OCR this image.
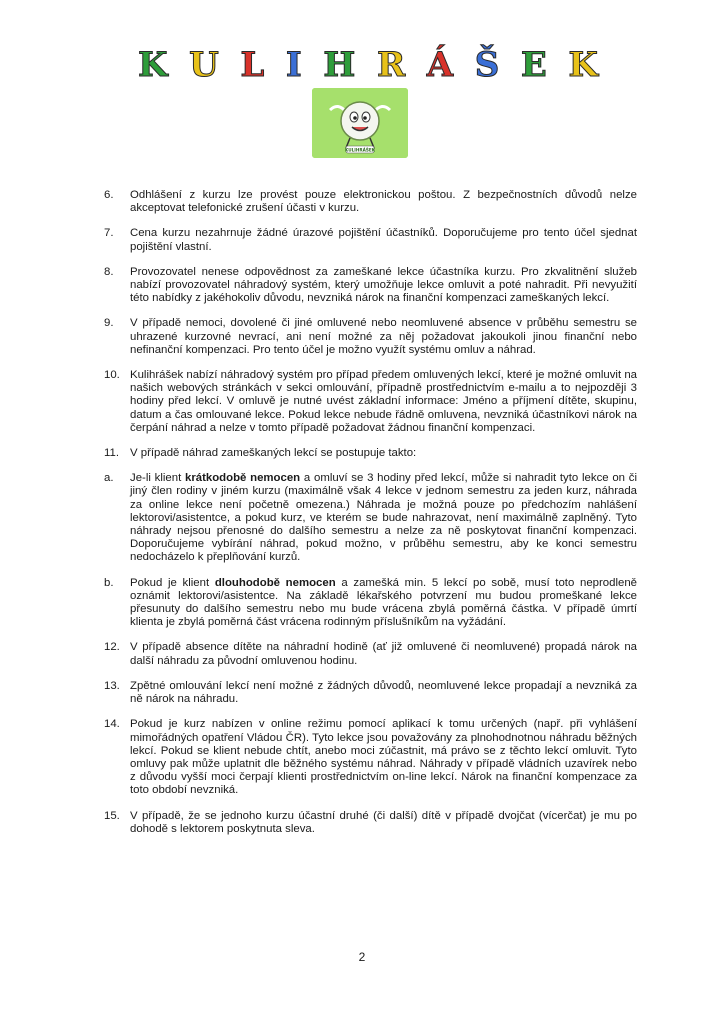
K U L I H R Á Š E K
KULIHRÁŠEK
6.	Odhlášení z kurzu lze provést pouze elektronickou poštou. Z bezpečnostních důvodů nelze akceptovat telefonické zrušení účasti v kurzu.
7.	Cena kurzu nezahrnuje žádné úrazové pojištění účastníků. Doporučujeme pro tento účel sjednat pojištění vlastní.
8.	Provozovatel nenese odpovědnost za zameškané lekce účastníka kurzu. Pro zkvalitnění služeb nabízí provozovatel náhradový systém, který umožňuje lekce omluvit a poté nahradit. Při nevyužití této nabídky z jakéhokoliv důvodu, nevzniká nárok na finanční kompenzaci zameškaných lekcí.
9.	V případě nemoci, dovolené či jiné omluvené nebo neomluvené absence v průběhu semestru se uhrazené kurzovné nevrací, ani není možné za něj požadovat jakoukoli jinou finanční nebo nefinanční kompenzaci. Pro tento účel je možno využít systému omluv a náhrad.
10. Kulihrášek nabízí náhradový systém pro případ předem omluvených lekcí, které je možné omluvit na našich webových stránkách v sekci omlouvání, případně prostřednictvím e-mailu a to nejpozději 3 hodiny před lekcí. V omluvě je nutné uvést základní informace: Jméno a příjmení dítěte, skupinu, datum a čas omlouvané lekce. Pokud lekce nebude řádně omluvena, nevzniká účastníkovi nárok na čerpání náhrad a nelze v tomto případě požadovat žádnou finanční kompenzaci.
11. V případě náhrad zameškaných lekcí se postupuje takto:
a.	Je-li klient krátkodobě nemocen a omluví se 3 hodiny před lekcí, může si nahradit tyto lekce on či jiný člen rodiny v jiném kurzu (maximálně však 4 lekce v jednom semestru za jeden kurz, náhrada za online lekce není početně omezena.) Náhrada je možná pouze po předchozím nahlášení lektorovi/asistentce, a pokud kurz, ve kterém se bude nahrazovat, není maximálně zaplněný. Tyto náhrady nejsou přenosné do dalšího semestru a nelze za ně poskytovat finanční kompenzaci. Doporučujeme vybírání náhrad, pokud možno, v průběhu semestru, aby ke konci semestru nedocházelo k přeplňování kurzů.
b.	Pokud je klient dlouhodobě nemocen a zamešká min. 5 lekcí po sobě, musí toto neprodleně oznámit lektorovi/asistentce. Na základě lékařského potvrzení mu budou promeškané lekce přesunuty do dalšího semestru nebo mu bude vrácena zbylá poměrná částka. V případě úmrtí klienta je zbylá poměrná část vrácena rodinným příslušníkům na vyžádání.
12. V případě absence dítěte na náhradní hodině (ať již omluvené či neomluvené) propadá nárok na další náhradu za původní omluvenou hodinu.
13. Zpětné omlouvání lekcí není možné z žádných důvodů, neomluvené lekce propadají a nevzniká za ně nárok na náhradu.
14. Pokud je kurz nabízen v online režimu pomocí aplikací k tomu určených (např. při vyhlášení mimořádných opatření Vládou ČR). Tyto lekce jsou považovány za plnohodnotnou náhradu běžných lekcí. Pokud se klient nebude chtít, anebo moci zúčastnit, má právo se z těchto lekcí omluvit. Tyto omluvy pak může uplatnit dle běžného systému náhrad. Náhrady v případě vládních uzavírek nebo z důvodu vyšší moci čerpají klienti prostřednictvím on-line lekcí. Nárok na finanční kompenzace za toto období nevzniká.
15. V případě, že se jednoho kurzu účastní druhé (či další) dítě v případě dvojčat (vícerčat) je mu po dohodě s lektorem poskytnuta sleva.
2
